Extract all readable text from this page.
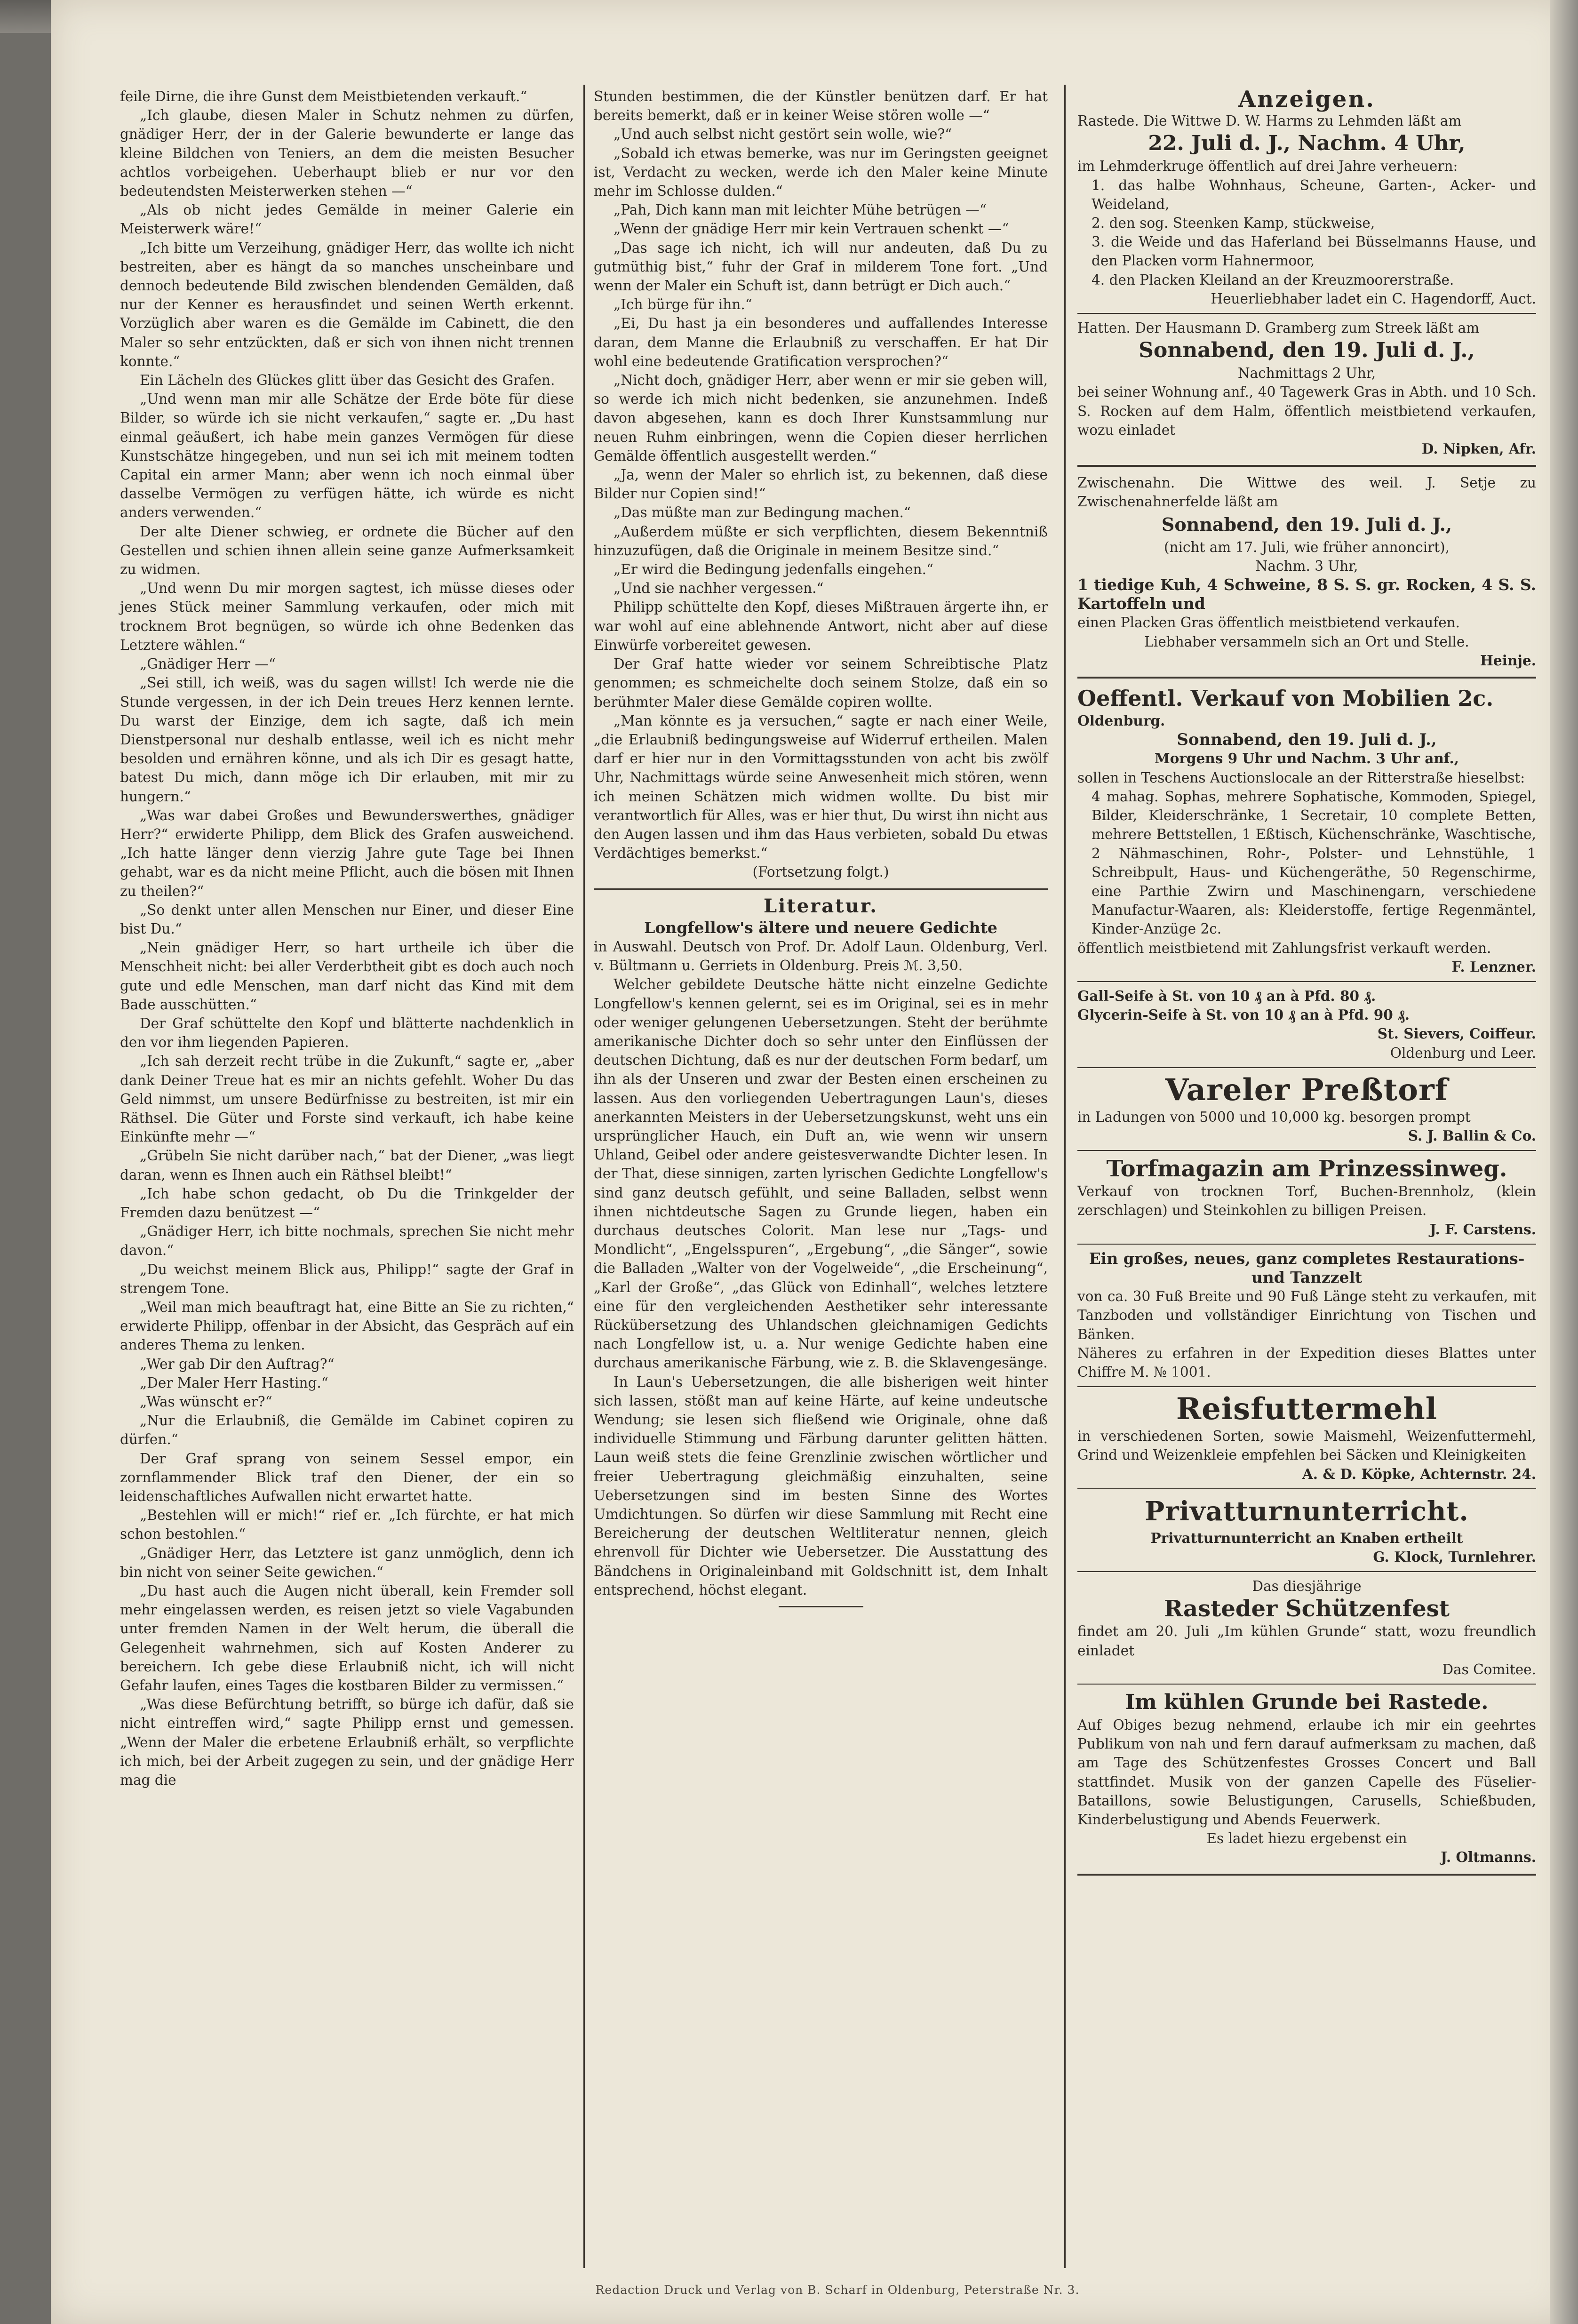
feile Dirne, die ihre Gunst dem Meistbietenden verkauft.“

„Ich glaube, diesen Maler in Schutz nehmen zu dürfen, gnädiger Herr, der in der Galerie bewunderte er lange das kleine Bildchen von Teniers, an dem die meisten Besucher achtlos vorbeigehen. Ueberhaupt blieb er nur vor den bedeutendsten Meisterwerken stehen —“

„Als ob nicht jedes Gemälde in meiner Galerie ein Meisterwerk wäre!“

„Ich bitte um Verzeihung, gnädiger Herr, das wollte ich nicht bestreiten, aber es hängt da so manches unscheinbare und dennoch bedeutende Bild zwischen blendenden Gemälden, daß nur der Kenner es herausfindet und seinen Werth erkennt. Vorzüglich aber waren es die Gemälde im Cabinett, die den Maler so sehr entzückten, daß er sich von ihnen nicht trennen konnte.“

Ein Lächeln des Glückes glitt über das Gesicht des Grafen.

„Und wenn man mir alle Schätze der Erde böte für diese Bilder, so würde ich sie nicht verkaufen,“ sagte er. „Du hast einmal geäußert, ich habe mein ganzes Vermögen für diese Kunstschätze hingegeben, und nun sei ich mit meinem todten Capital ein armer Mann; aber wenn ich noch einmal über dasselbe Vermögen zu verfügen hätte, ich würde es nicht anders verwenden.“

Der alte Diener schwieg, er ordnete die Bücher auf den Gestellen und schien ihnen allein seine ganze Aufmerksamkeit zu widmen.

„Und wenn Du mir morgen sagtest, ich müsse dieses oder jenes Stück meiner Sammlung verkaufen, oder mich mit trocknem Brot begnügen, so würde ich ohne Bedenken das Letztere wählen.“

„Gnädiger Herr —“

„Sei still, ich weiß, was du sagen willst! Ich werde nie die Stunde vergessen, in der ich Dein treues Herz kennen lernte. Du warst der Einzige, dem ich sagte, daß ich mein Dienstpersonal nur deshalb entlasse, weil ich es nicht mehr besolden und ernähren könne, und als ich Dir es gesagt hatte, batest Du mich, dann möge ich Dir erlauben, mit mir zu hungern.“

„Was war dabei Großes und Bewunderswerthes, gnädiger Herr?“ erwiderte Philipp, dem Blick des Grafen ausweichend. „Ich hatte länger denn vierzig Jahre gute Tage bei Ihnen gehabt, war es da nicht meine Pflicht, auch die bösen mit Ihnen zu theilen?“

„So denkt unter allen Menschen nur Einer, und dieser Eine bist Du.“

„Nein gnädiger Herr, so hart urtheile ich über die Menschheit nicht: bei aller Verderbtheit gibt es doch auch noch gute und edle Menschen, man darf nicht das Kind mit dem Bade ausschütten.“

Der Graf schüttelte den Kopf und blätterte nachdenklich in den vor ihm liegenden Papieren.

„Ich sah derzeit recht trübe in die Zukunft,“ sagte er, „aber dank Deiner Treue hat es mir an nichts gefehlt. Woher Du das Geld nimmst, um unsere Bedürfnisse zu bestreiten, ist mir ein Räthsel. Die Güter und Forste sind verkauft, ich habe keine Einkünfte mehr —“

„Grübeln Sie nicht darüber nach,“ bat der Diener, „was liegt daran, wenn es Ihnen auch ein Räthsel bleibt!“

„Ich habe schon gedacht, ob Du die Trinkgelder der Fremden dazu benützest —“

„Gnädiger Herr, ich bitte nochmals, sprechen Sie nicht mehr davon.“

„Du weichst meinem Blick aus, Philipp!“ sagte der Graf in strengem Tone.

„Weil man mich beauftragt hat, eine Bitte an Sie zu richten,“ erwiderte Philipp, offenbar in der Absicht, das Gespräch auf ein anderes Thema zu lenken.

„Wer gab Dir den Auftrag?“

„Der Maler Herr Hasting.“

„Was wünscht er?“

„Nur die Erlaubniß, die Gemälde im Cabinet copiren zu dürfen.“

Der Graf sprang von seinem Sessel empor, ein zornflammender Blick traf den Diener, der ein so leidenschaftliches Aufwallen nicht erwartet hatte.

„Bestehlen will er mich!“ rief er. „Ich fürchte, er hat mich schon bestohlen.“

„Gnädiger Herr, das Letztere ist ganz unmöglich, denn ich bin nicht von seiner Seite gewichen.“

„Du hast auch die Augen nicht überall, kein Fremder soll mehr eingelassen werden, es reisen jetzt so viele Vagabunden unter fremden Namen in der Welt herum, die überall die Gelegenheit wahrnehmen, sich auf Kosten Anderer zu bereichern. Ich gebe diese Erlaubniß nicht, ich will nicht Gefahr laufen, eines Tages die kostbaren Bilder zu vermissen.“

„Was diese Befürchtung betrifft, so bürge ich dafür, daß sie nicht eintreffen wird,“ sagte Philipp ernst und gemessen. „Wenn der Maler die erbetene Erlaubniß erhält, so verpflichte ich mich, bei der Arbeit zugegen zu sein, und der gnädige Herr mag die

Stunden bestimmen, die der Künstler benützen darf. Er hat bereits bemerkt, daß er in keiner Weise stören wolle —“

„Und auch selbst nicht gestört sein wolle, wie?“

„Sobald ich etwas bemerke, was nur im Geringsten geeignet ist, Verdacht zu wecken, werde ich den Maler keine Minute mehr im Schlosse dulden.“

„Pah, Dich kann man mit leichter Mühe betrügen —“

„Wenn der gnädige Herr mir kein Vertrauen schenkt —“

„Das sage ich nicht, ich will nur andeuten, daß Du zu gutmüthig bist,“ fuhr der Graf in milderem Tone fort. „Und wenn der Maler ein Schuft ist, dann betrügt er Dich auch.“

„Ich bürge für ihn.“

„Ei, Du hast ja ein besonderes und auffallendes Interesse daran, dem Manne die Erlaubniß zu verschaffen. Er hat Dir wohl eine bedeutende Gratification versprochen?“

„Nicht doch, gnädiger Herr, aber wenn er mir sie geben will, so werde ich mich nicht bedenken, sie anzunehmen. Indeß davon abgesehen, kann es doch Ihrer Kunstsammlung nur neuen Ruhm einbringen, wenn die Copien dieser herrlichen Gemälde öffentlich ausgestellt werden.“

„Ja, wenn der Maler so ehrlich ist, zu bekennen, daß diese Bilder nur Copien sind!“

„Das müßte man zur Bedingung machen.“

„Außerdem müßte er sich verpflichten, diesem Bekenntniß hinzuzufügen, daß die Originale in meinem Besitze sind.“

„Er wird die Bedingung jedenfalls eingehen.“

„Und sie nachher vergessen.“

Philipp schüttelte den Kopf, dieses Mißtrauen ärgerte ihn, er war wohl auf eine ablehnende Antwort, nicht aber auf diese Einwürfe vorbereitet gewesen.

Der Graf hatte wieder vor seinem Schreibtische Platz genommen; es schmeichelte doch seinem Stolze, daß ein so berühmter Maler diese Gemälde copiren wollte.

„Man könnte es ja versuchen,“ sagte er nach einer Weile, „die Erlaubniß bedingungsweise auf Widerruf ertheilen. Malen darf er hier nur in den Vormittagsstunden von acht bis zwölf Uhr, Nachmittags würde seine Anwesenheit mich stören, wenn ich meinen Schätzen mich widmen wollte. Du bist mir verantwortlich für Alles, was er hier thut, Du wirst ihn nicht aus den Augen lassen und ihm das Haus verbieten, sobald Du etwas Verdächtiges bemerkst.“

(Fortsetzung folgt.)

Literatur.

Longfellow's ältere und neuere Gedichte

in Auswahl. Deutsch von Prof. Dr. Adolf Laun. Oldenburg, Verl. v. Bültmann u. Gerriets in Oldenburg. Preis ℳ. 3,50.

Welcher gebildete Deutsche hätte nicht einzelne Gedichte Longfellow's kennen gelernt, sei es im Original, sei es in mehr oder weniger gelungenen Uebersetzungen. Steht der berühmte amerikanische Dichter doch so sehr unter den Einflüssen der deutschen Dichtung, daß es nur der deutschen Form bedarf, um ihn als der Unseren und zwar der Besten einen erscheinen zu lassen. Aus den vorliegenden Uebertragungen Laun's, dieses anerkannten Meisters in der Uebersetzungskunst, weht uns ein ursprünglicher Hauch, ein Duft an, wie wenn wir unsern Uhland, Geibel oder andere geistesverwandte Dichter lesen. In der That, diese sinnigen, zarten lyrischen Gedichte Longfellow's sind ganz deutsch gefühlt, und seine Balladen, selbst wenn ihnen nichtdeutsche Sagen zu Grunde liegen, haben ein durchaus deutsches Colorit. Man lese nur „Tags- und Mondlicht“, „Engelsspuren“, „Ergebung“, „die Sänger“, sowie die Balladen „Walter von der Vogelweide“, „die Erscheinung“, „Karl der Große“, „das Glück von Edinhall“, welches letztere eine für den vergleichenden Aesthetiker sehr interessante Rückübersetzung des Uhlandschen gleichnamigen Gedichts nach Longfellow ist, u. a. Nur wenige Gedichte haben eine durchaus amerikanische Färbung, wie z. B. die Sklavengesänge.

In Laun's Uebersetzungen, die alle bisherigen weit hinter sich lassen, stößt man auf keine Härte, auf keine undeutsche Wendung; sie lesen sich fließend wie Originale, ohne daß individuelle Stimmung und Färbung darunter gelitten hätten. Laun weiß stets die feine Grenzlinie zwischen wörtlicher und freier Uebertragung gleichmäßig einzuhalten, seine Uebersetzungen sind im besten Sinne des Wortes Umdichtungen. So dürfen wir diese Sammlung mit Recht eine Bereicherung der deutschen Weltliteratur nennen, gleich ehrenvoll für Dichter wie Uebersetzer. Die Ausstattung des Bändchens in Originaleinband mit Goldschnitt ist, dem Inhalt entsprechend, höchst elegant.

Anzeigen.

Rastede. Die Wittwe D. W. Harms zu Lehmden läßt am

22. Juli d. J., Nachm. 4 Uhr,

im Lehmderkruge öffentlich auf drei Jahre verheuern:

1. das halbe Wohnhaus, Scheune, Garten-, Acker- und Weideland,

2. den sog. Steenken Kamp, stückweise,

3. die Weide und das Haferland bei Büsselmanns Hause, und den Placken vorm Hahnermoor,

4. den Placken Kleiland an der Kreuzmoorerstraße.

Heuerliebhaber ladet ein C. Hagendorff, Auct.

Hatten. Der Hausmann D. Gramberg zum Streek läßt am

Sonnabend, den 19. Juli d. J.,

Nachmittags 2 Uhr,

bei seiner Wohnung anf., 40 Tagewerk Gras in Abth. und 10 Sch. S. Rocken auf dem Halm, öffentlich meistbietend verkaufen, wozu einladet

D. Nipken, Afr.

Zwischenahn. Die Wittwe des weil. J. Setje zu Zwischenahnerfelde läßt am

Sonnabend, den 19. Juli d. J.,

(nicht am 17. Juli, wie früher annoncirt),

Nachm. 3 Uhr,

1 tiedige Kuh, 4 Schweine, 8 S. S. gr. Rocken, 4 S. S. Kartoffeln und

einen Placken Gras öffentlich meistbietend verkaufen.

Liebhaber versammeln sich an Ort und Stelle.

Heinje.

Oeffentl. Verkauf von Mobilien 2c.

Oldenburg.

Sonnabend, den 19. Juli d. J.,

Morgens 9 Uhr und Nachm. 3 Uhr anf.,

sollen in Teschens Auctionslocale an der Ritterstraße hieselbst:

4 mahag. Sophas, mehrere Sophatische, Kommoden, Spiegel, Bilder, Kleiderschränke, 1 Secretair, 10 complete Betten, mehrere Bettstellen, 1 Eßtisch, Küchenschränke, Waschtische, 2 Nähmaschinen, Rohr-, Polster- und Lehnstühle, 1 Schreibpult, Haus- und Küchengeräthe, 50 Regenschirme, eine Parthie Zwirn und Maschinengarn, verschiedene Manufactur-Waaren, als: Kleiderstoffe, fertige Regenmäntel, Kinder-Anzüge 2c.

öffentlich meistbietend mit Zahlungsfrist verkauft werden.

F. Lenzner.

Gall-Seife à St. von 10 ₰ an à Pfd. 80 ₰.

Glycerin-Seife à St. von 10 ₰ an à Pfd. 90 ₰.

St. Sievers, Coiffeur.

Oldenburg und Leer.

Vareler Preßtorf

in Ladungen von 5000 und 10,000 kg. besorgen prompt

S. J. Ballin & Co.

Torfmagazin am Prinzessinweg.

Verkauf von trocknen Torf, Buchen-Brennholz, (klein zerschlagen) und Steinkohlen zu billigen Preisen.

J. F. Carstens.

Ein großes, neues, ganz completes Restaurations- und Tanzzelt

von ca. 30 Fuß Breite und 90 Fuß Länge steht zu verkaufen, mit Tanzboden und vollständiger Einrichtung von Tischen und Bänken.

Näheres zu erfahren in der Expedition dieses Blattes unter Chiffre M. № 1001.

Reisfuttermehl

in verschiedenen Sorten, sowie Maismehl, Weizenfuttermehl, Grind und Weizenkleie empfehlen bei Säcken und Kleinigkeiten

A. & D. Köpke, Achternstr. 24.

Privatturnunterricht.

Privatturnunterricht an Knaben ertheilt

G. Klock, Turnlehrer.

Das diesjährige

Rasteder Schützenfest

findet am 20. Juli „Im kühlen Grunde“ statt, wozu freundlich einladet

Das Comitee.

Im kühlen Grunde bei Rastede.

Auf Obiges bezug nehmend, erlaube ich mir ein geehrtes Publikum von nah und fern darauf aufmerksam zu machen, daß am Tage des Schützenfestes Grosses Concert und Ball stattfindet. Musik von der ganzen Capelle des Füselier-Bataillons, sowie Belustigungen, Carusells, Schießbuden, Kinderbelustigung und Abends Feuerwerk.

Es ladet hiezu ergebenst ein

J. Oltmanns.

Redaction Druck und Verlag von B. Scharf in Oldenburg, Peterstraße Nr. 3.
